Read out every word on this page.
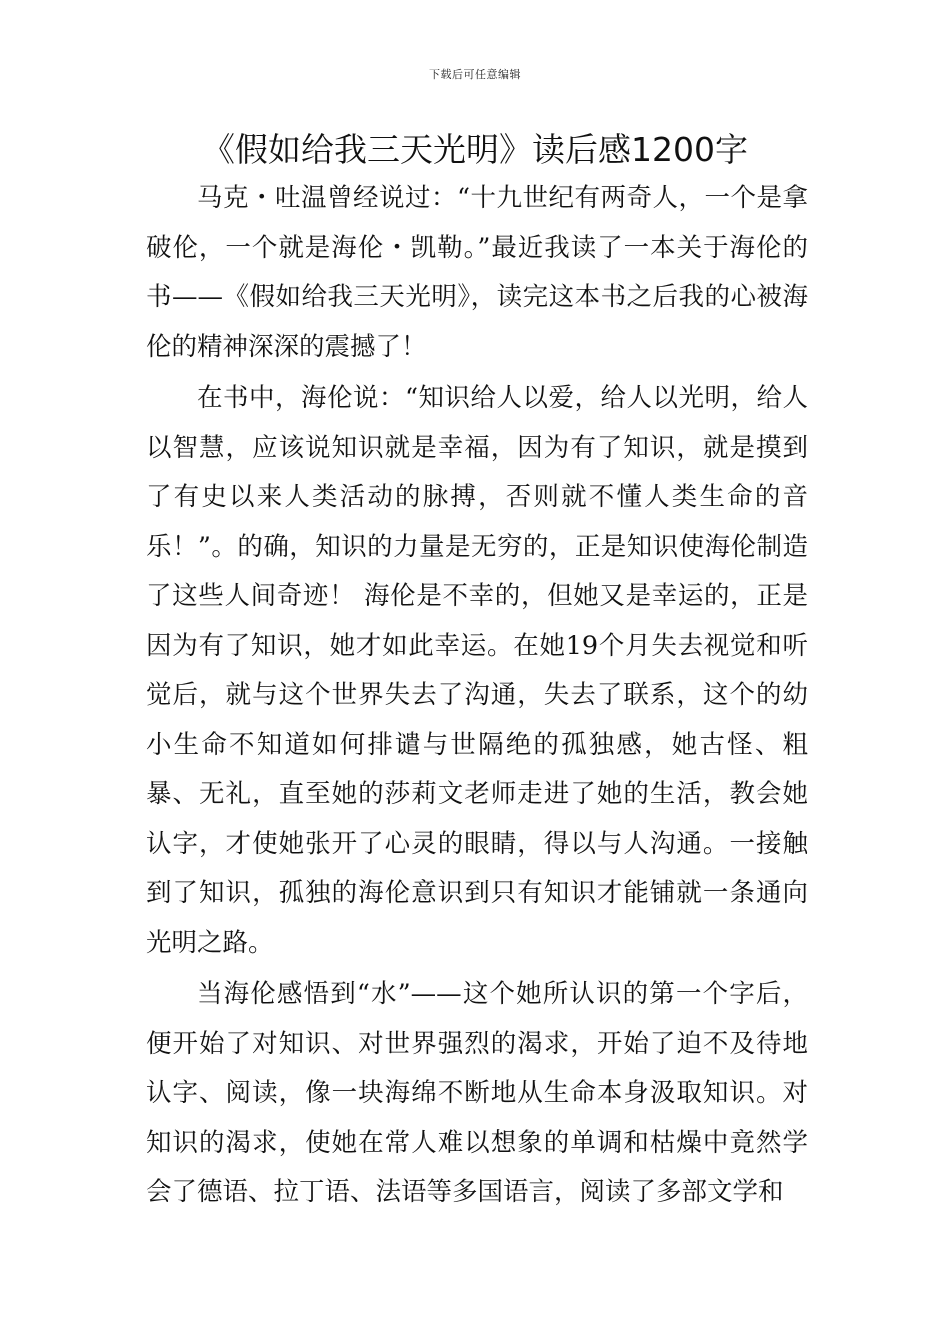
下载后可任意编辑
《假如给我三天光明》读后感1200字

马克・吐温曾经说过：“十九世纪有两奇人，一个是拿破伦，一个就是海伦・凯勒。”最近我读了一本关于海伦的书——《假如给我三天光明》，读完这本书之后我的心被海伦的精神深深的震撼了！

在书中，海伦说：“知识给人以爱，给人以光明，给人以智慧，应该说知识就是幸福，因为有了知识，就是摸到了有史以来人类活动的脉搏，否则就不懂人类生命的音乐！”。的确，知识的力量是无穷的，正是知识使海伦制造了这些人间奇迹！ 海伦是不幸的，但她又是幸运的，正是因为有了知识，她才如此幸运。在她19个月失去视觉和听觉后，就与这个世界失去了沟通，失去了联系，这个的幼小生命不知道如何排谴与世隔绝的孤独感，她古怪、粗暴、无礼，直至她的莎莉文老师走进了她的生活，教会她认字，才使她张开了心灵的眼睛，得以与人沟通。一接触到了知识，孤独的海伦意识到只有知识才能铺就一条通向光明之路。

当海伦感悟到“水”——这个她所认识的第一个字后，便开始了对知识、对世界强烈的渴求，开始了迫不及待地认字、阅读，像一块海绵不断地从生命本身汲取知识。对知识的渴求，使她在常人难以想象的单调和枯燥中竟然学会了德语、拉丁语、法语等多国语言，阅读了多部文学和
